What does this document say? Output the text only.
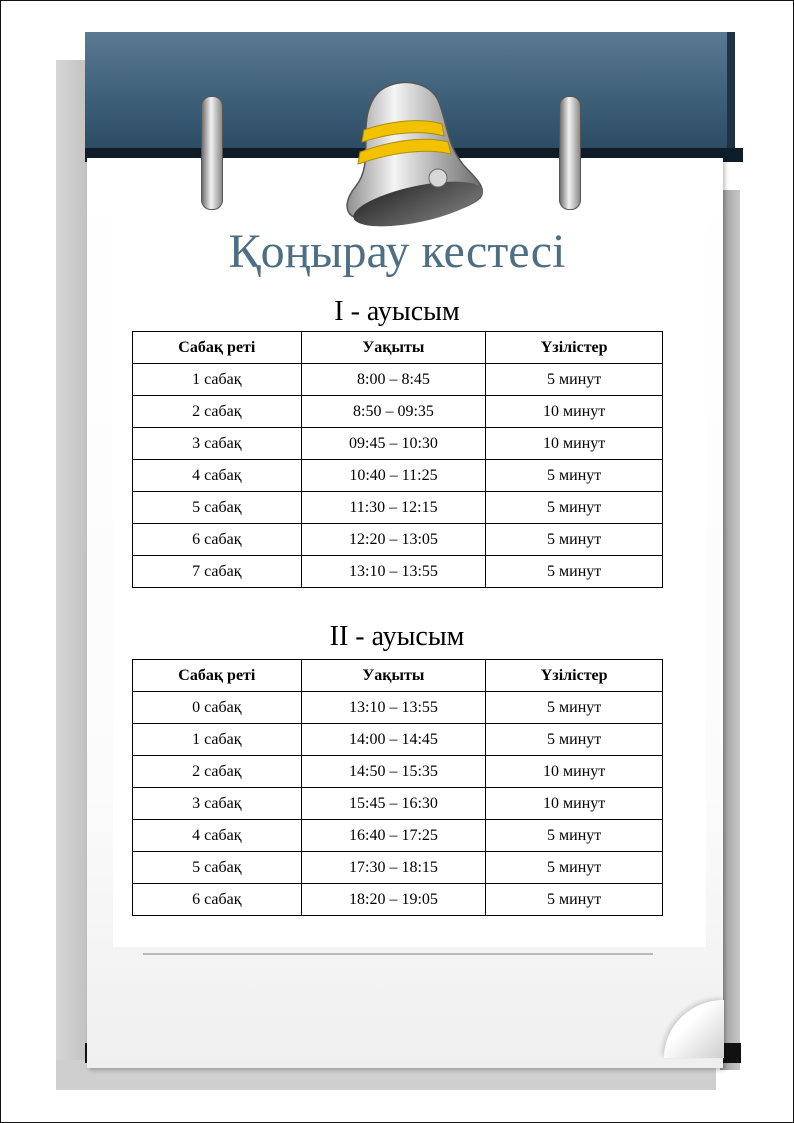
Қоңырау кестесі
I - ауысым
Сабақ реті	Уақыты	Үзілістер
1 сабақ	8:00 – 8:45	5 минут
2 сабақ	8:50 – 09:35	10 минут
3 сабақ	09:45 – 10:30	10 минут
4 сабақ	10:40 – 11:25	5 минут
5 сабақ	11:30 – 12:15	5 минут
6 сабақ	12:20 – 13:05	5 минут
7 сабақ	13:10 – 13:55	5 минут
II - ауысым
Сабақ реті	Уақыты	Үзілістер
0 сабақ	13:10 – 13:55	5 минут
1 сабақ	14:00 – 14:45	5 минут
2 сабақ	14:50 – 15:35	10 минут
3 сабақ	15:45 – 16:30	10 минут
4 сабақ	16:40 – 17:25	5 минут
5 сабақ	17:30 – 18:15	5 минут
6 сабақ	18:20 – 19:05	5 минут
